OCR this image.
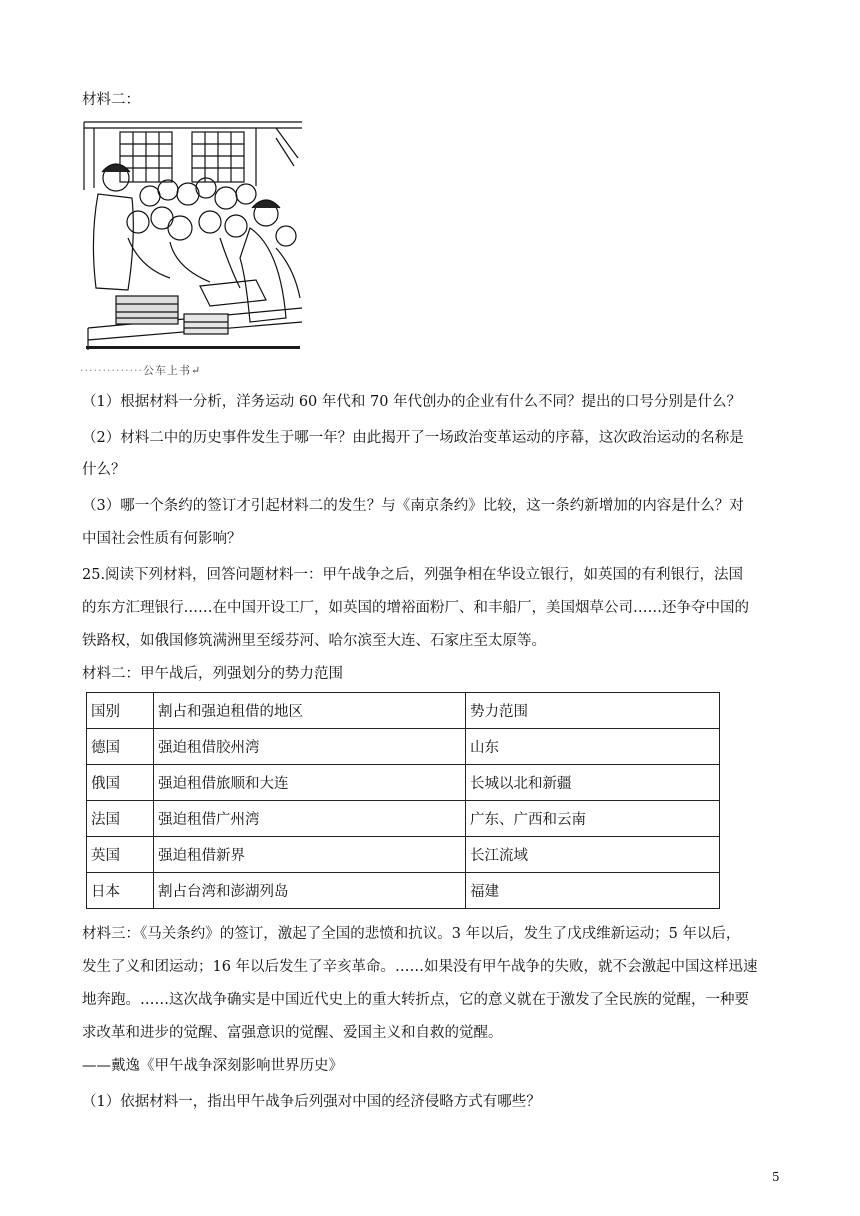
材料二：
··············公车上书↵
（1）根据材料一分析，洋务运动 60 年代和 70 年代创办的企业有什么不同？提出的口号分别是什么？
（2）材料二中的历史事件发生于哪一年？由此揭开了一场政治变革运动的序幕，这次政治运动的名称是
什么？
（3）哪一个条约的签订才引起材料二的发生？与《南京条约》比较，这一条约新增加的内容是什么？对
中国社会性质有何影响？
25.阅读下列材料，回答问题材料一：甲午战争之后，列强争相在华设立银行，如英国的有利银行，法国
的东方汇理银行……在中国开设工厂，如英国的增裕面粉厂、和丰船厂，美国烟草公司……还争夺中国的
铁路权，如俄国修筑满洲里至绥芬河、哈尔滨至大连、石家庄至太原等。
材料二：甲午战后，列强划分的势力范围
国别	割占和强迫租借的地区	势力范围
德国	强迫租借胶州湾	山东
俄国	强迫租借旅顺和大连	长城以北和新疆
法国	强迫租借广州湾	广东、广西和云南
英国	强迫租借新界	长江流域
日本	割占台湾和澎湖列岛	福建
材料三：《马关条约》的签订，激起了全国的悲愤和抗议。3 年以后，发生了戊戌维新运动；5 年以后，
发生了义和团运动；16 年以后发生了辛亥革命。……如果没有甲午战争的失败，就不会激起中国这样迅速
地奔跑。……这次战争确实是中国近代史上的重大转折点，它的意义就在于激发了全民族的觉醒，一种要
求改革和进步的觉醒、富强意识的觉醒、爱国主义和自救的觉醒。
——戴逸《甲午战争深刻影响世界历史》
（1）依据材料一，指出甲午战争后列强对中国的经济侵略方式有哪些？
5
